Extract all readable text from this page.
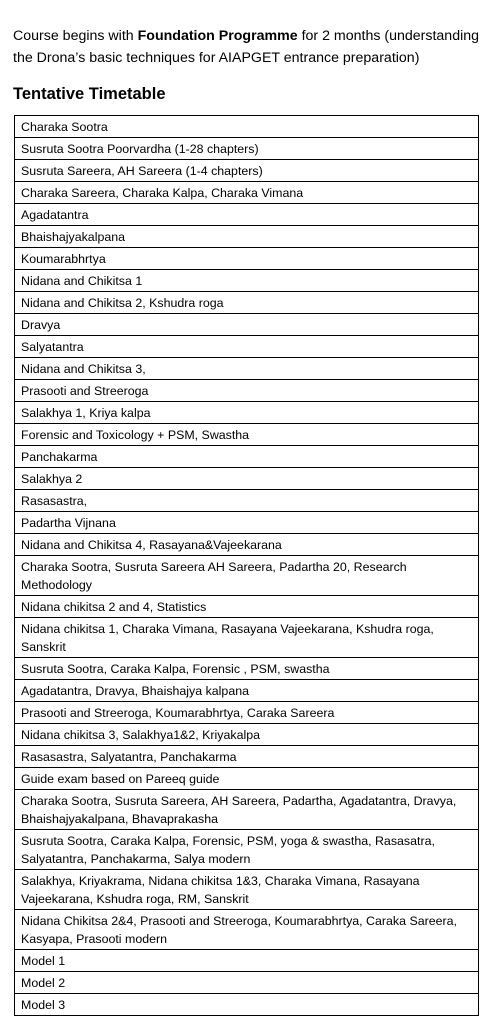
Course begins with Foundation Programme for 2 months (understanding the Drona’s basic techniques for AIAPGET entrance preparation)

Tentative Timetable
Charaka Sootra
Susruta Sootra Poorvardha (1-28 chapters)
Susruta Sareera, AH Sareera (1-4 chapters)
Charaka Sareera, Charaka Kalpa, Charaka Vimana
Agadatantra
Bhaishajyakalpana
Koumarabhrtya
Nidana and Chikitsa 1
Nidana and Chikitsa 2, Kshudra roga
Dravya
Salyatantra
Nidana and Chikitsa 3,
Prasooti and Streeroga
Salakhya 1, Kriya kalpa
Forensic and Toxicology + PSM, Swastha
Panchakarma
Salakhya 2
Rasasastra,
Padartha Vijnana
Nidana and Chikitsa 4, Rasayana&Vajeekarana
Charaka Sootra, Susruta Sareera AH Sareera, Padartha 20, Research Methodology
Nidana chikitsa 2 and 4, Statistics
Nidana chikitsa 1, Charaka Vimana, Rasayana Vajeekarana, Kshudra roga, Sanskrit
Susruta Sootra, Caraka Kalpa, Forensic , PSM, swastha
Agadatantra, Dravya, Bhaishajya kalpana
Prasooti and Streeroga, Koumarabhrtya, Caraka Sareera
Nidana chikitsa 3, Salakhya1&2, Kriyakalpa
Rasasastra, Salyatantra, Panchakarma
Guide exam based on Pareeq guide
Charaka Sootra, Susruta Sareera, AH Sareera, Padartha, Agadatantra, Dravya, Bhaishajyakalpana, Bhavaprakasha
Susruta Sootra, Caraka Kalpa, Forensic, PSM, yoga & swastha, Rasasatra, Salyatantra, Panchakarma, Salya modern
Salakhya, Kriyakrama, Nidana chikitsa 1&3, Charaka Vimana, Rasayana Vajeekarana, Kshudra roga, RM, Sanskrit
Nidana Chikitsa 2&4, Prasooti and Streeroga, Koumarabhrtya, Caraka Sareera, Kasyapa, Prasooti modern
Model 1
Model 2
Model 3
